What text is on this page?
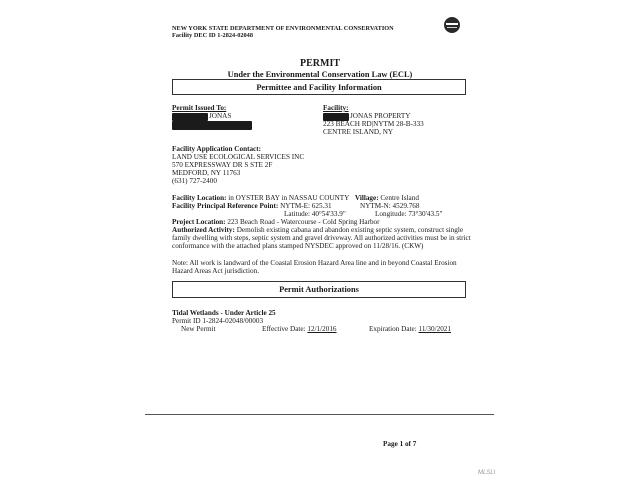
NEW YORK STATE DEPARTMENT OF ENVIRONMENTAL CONSERVATION
Facility DEC ID 1-2824-02048
PERMIT
Under the Environmental Conservation Law (ECL)
Permittee and Facility Information
Permit Issued To:
JONAS
Facility:
JONAS PROPERTY
223 BEACH RD|NYTM 28-B-333
CENTRE ISLAND, NY
Facility Application Contact:
LAND USE ECOLOGICAL SERVICES INC
570 EXPRESSWAY DR S STE 2F
MEDFORD, NY 11763
(631) 727-2400
Facility Location: in OYSTER BAY in NASSAU COUNTY Village: Centre Island
Facility Principal Reference Point: NYTM-E: 625.31	NYTM-N: 4529.768
Latitude: 40°54'33.9"	Longitude: 73°30'43.5"
Project Location: 223 Beach Road - Watercourse - Cold Spring Harbor
Authorized Activity: Demolish existing cabana and abandon existing septic system, construct single
family dwelling with steps, septic system and gravel driveway. All authorized activities must be in strict
conformance with the attached plans stamped NYSDEC approved on 11/28/16. (CKW)
Note: All work is landward of the Coastal Erosion Hazard Area line and in beyond Coastal Erosion
Hazard Areas Act jurisdiction.
Permit Authorizations
Tidal Wetlands - Under Article 25
Permit ID 1-2824-02048/00003
New Permit	Effective Date: 12/1/2016	Expiration Date: 11/30/2021
Page 1 of 7
MLSLI
